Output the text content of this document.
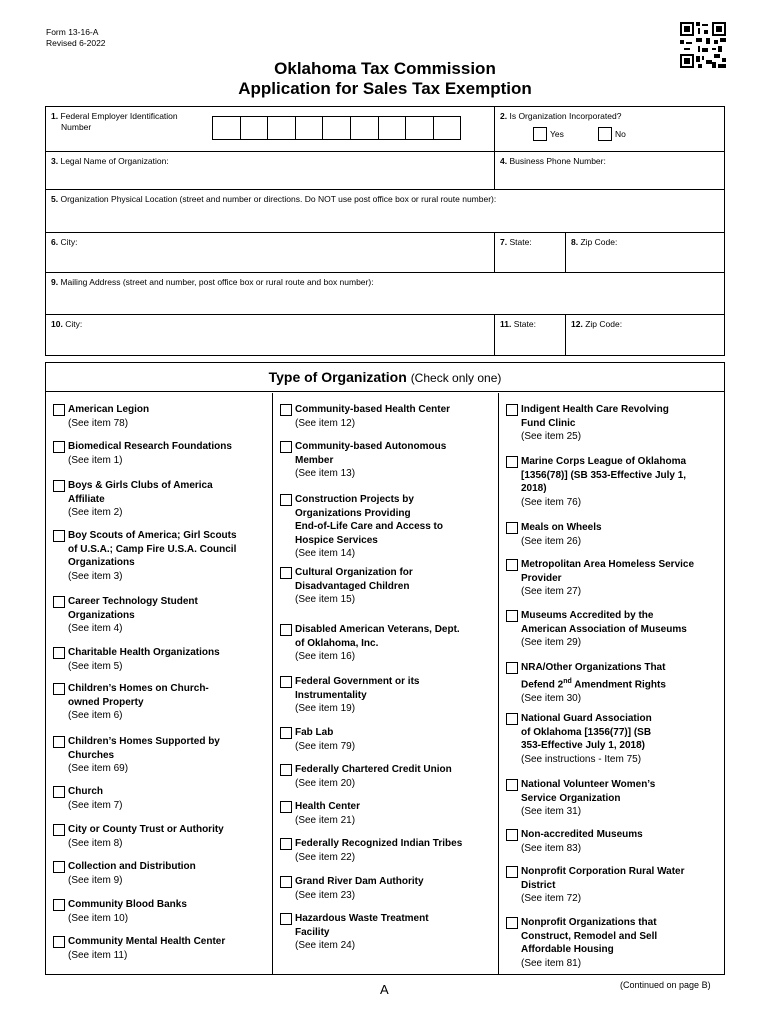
Form 13-16-A
Revised 6-2022
Oklahoma Tax Commission
Application for Sales Tax Exemption
1. Federal Employer Identification
Number
2. Is Organization Incorporated?
Yes	No
3. Legal Name of Organization:	4. Business Phone Number:
5. Organization Physical Location (street and number or directions. Do NOT use post office box or rural route number):
6. City:	7. State:	8. Zip Code:
9. Mailing Address (street and number, post office box or rural route and box number):
10. City:	11. State:	12. Zip Code:
Type of Organization (Check only one)
American Legion
(See item 78)
Biomedical Research Foundations
(See item 1)
Boys & Girls Clubs of America
Affiliate
(See item 2)
Boy Scouts of America; Girl Scouts
of U.S.A.; Camp Fire U.S.A. Council
Organizations
(See item 3)
Career Technology Student
Organizations
(See item 4)
Charitable Health Organizations
(See item 5)
Children’s Homes on Church-
owned Property
(See item 6)
Children’s Homes Supported by
Churches
(See item 69)
Church
(See item 7)
City or County Trust or Authority
(See item 8)
Collection and Distribution
(See item 9)
Community Blood Banks
(See item 10)
Community Mental Health Center
(See item 11)
Community-based Health Center
(See item 12)
Community-based Autonomous
Member
(See item 13)
Construction Projects by
Organizations Providing
End-of-Life Care and Access to
Hospice Services
(See item 14)
Cultural Organization for
Disadvantaged Children
(See item 15)
Disabled American Veterans, Dept.
of Oklahoma, Inc.
(See item 16)
Federal Government or its
Instrumentality
(See item 19)
Fab Lab
(See item 79)
Federally Chartered Credit Union
(See item 20)
Health Center
(See item 21)
Federally Recognized Indian Tribes
(See item 22)
Grand River Dam Authority
(See item 23)
Hazardous Waste Treatment
Facility
(See item 24)
Indigent Health Care Revolving
Fund Clinic
(See item 25)
Marine Corps League of Oklahoma
[1356(78)] (SB 353-Effective July 1,
2018)
(See item 76)
Meals on Wheels
(See item 26)
Metropolitan Area Homeless Service
Provider
(See item 27)
Museums Accredited by the
American Association of Museums
(See item 29)
NRA/Other Organizations That
Defend 2nd Amendment Rights
(See item 30)
National Guard Association
of Oklahoma [1356(77)] (SB
353-Effective July 1, 2018)
(See instructions - Item 75)
National Volunteer Women’s
Service Organization
(See item 31)
Non-accredited Museums
(See item 83)
Nonprofit Corporation Rural Water
District
(See item 72)
Nonprofit Organizations that
Construct, Remodel and Sell
Affordable Housing
(See item 81)
A	(Continued on page B)
